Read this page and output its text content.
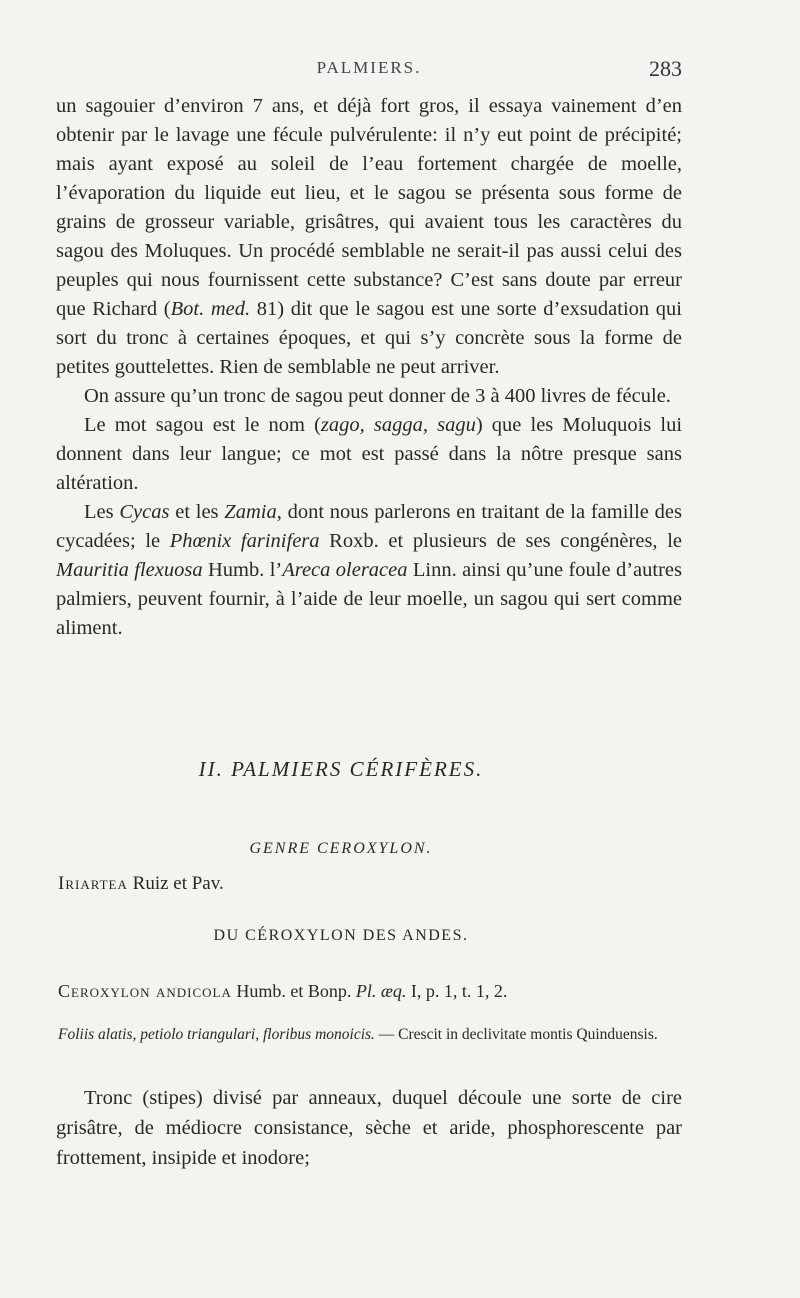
PALMIERS.	283

un sagouier d’environ 7 ans, et déjà fort gros, il essaya vainement d’en obtenir par le lavage une fécule pulvérulente: il n’y eut point de précipité; mais ayant exposé au soleil de l’eau fortement chargée de moelle, l’évaporation du liquide eut lieu, et le sagou se présenta sous forme de grains de grosseur variable, grisâtres, qui avaient tous les caractères du sagou des Moluques. Un procédé semblable ne serait-il pas aussi celui des peuples qui nous fournissent cette substance? C’est sans doute par erreur que Richard (Bot. med. 81) dit que le sagou est une sorte d’exsudation qui sort du tronc à certaines époques, et qui s’y concrète sous la forme de petites gouttelettes. Rien de semblable ne peut arriver.

On assure qu’un tronc de sagou peut donner de 3 à 400 livres de fécule.

Le mot sagou est le nom (zago, sagga, sagu) que les Moluquois lui donnent dans leur langue; ce mot est passé dans la nôtre presque sans altération.

Les Cycas et les Zamia, dont nous parlerons en traitant de la famille des cycadées; le Phœnix farinifera Roxb. et plusieurs de ses congénères, le Mauritia flexuosa Humb. l’Areca oleracea Linn. ainsi qu’une foule d’autres palmiers, peuvent fournir, à l’aide de leur moelle, un sagou qui sert comme aliment.

II. PALMIERS CÉRIFÈRES.
GENRE CEROXYLON.
Iriartea Ruiz et Pav.
DU CÉROXYLON DES ANDES.
Ceroxylon andicola Humb. et Bonp. Pl. æq. I, p. 1, t. 1, 2.
Foliis alatis, petiolo triangulari, floribus monoicis. — Crescit in declivitate montis Quinduensis.

Tronc (stipes) divisé par anneaux, duquel découle une sorte de cire grisâtre, de médiocre consistance, sèche et aride, phosphorescente par frottement, insipide et inodore;
